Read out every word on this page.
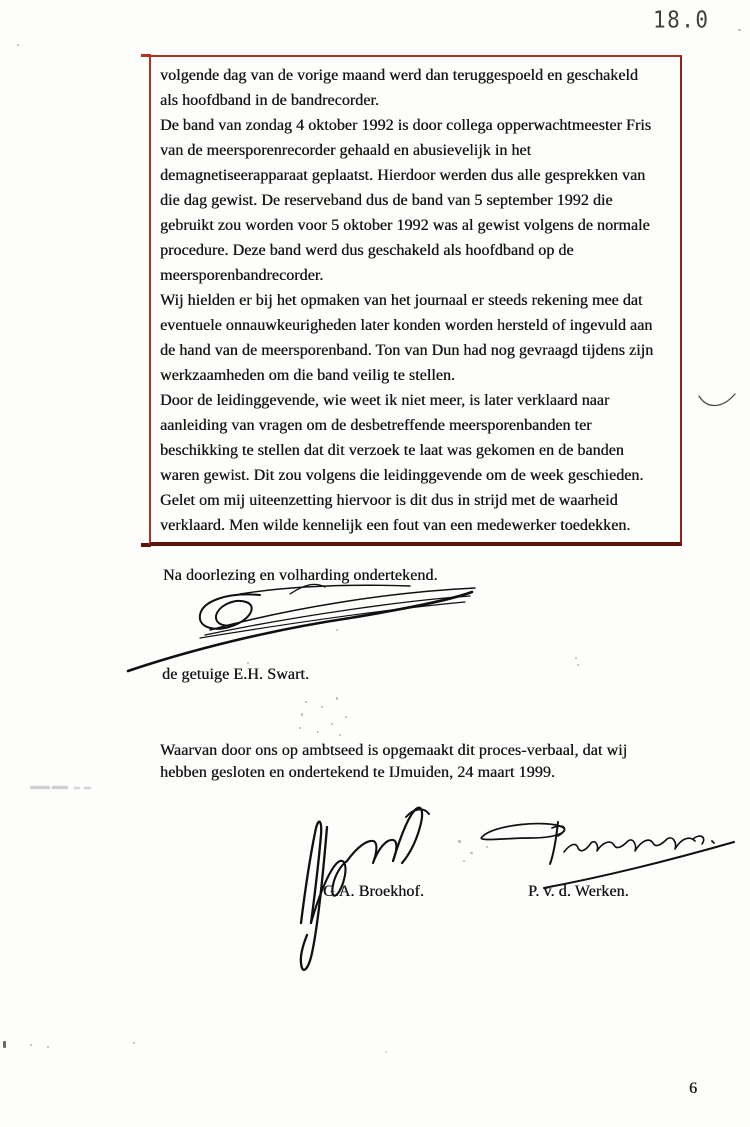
18.0
volgende dag van de vorige maand werd dan teruggespoeld en geschakeld
als hoofdband in de bandrecorder.
De band van zondag 4 oktober 1992 is door collega opperwachtmeester Fris
van de meersporenrecorder gehaald en abusievelijk in het
demagnetiseerapparaat geplaatst. Hierdoor werden dus alle gesprekken van
die dag gewist. De reserveband dus de band van 5 september 1992 die
gebruikt zou worden voor 5 oktober 1992 was al gewist volgens de normale
procedure. Deze band werd dus geschakeld als hoofdband op de
meersporenbandrecorder.
Wij hielden er bij het opmaken van het journaal er steeds rekening mee dat
eventuele onnauwkeurigheden later konden worden hersteld of ingevuld aan
de hand van de meersporenband. Ton van Dun had nog gevraagd tijdens zijn
werkzaamheden om die band veilig te stellen.
Door de leidinggevende, wie weet ik niet meer, is later verklaard naar
aanleiding van vragen om de desbetreffende meersporenbanden ter
beschikking te stellen dat dit verzoek te laat was gekomen en de banden
waren gewist. Dit zou volgens die leidinggevende om de week geschieden.
Gelet om mij uiteenzetting hiervoor is dit dus in strijd met de waarheid
verklaard. Men wilde kennelijk een fout van een medewerker toedekken.
Na doorlezing en volharding ondertekend.
de getuige E.H. Swart.
Waarvan door ons op ambtseed is opgemaakt dit proces-verbaal, dat wij
hebben gesloten en ondertekend te IJmuiden, 24 maart 1999.
G.A. Broekhof.	P. v. d. Werken.
6
